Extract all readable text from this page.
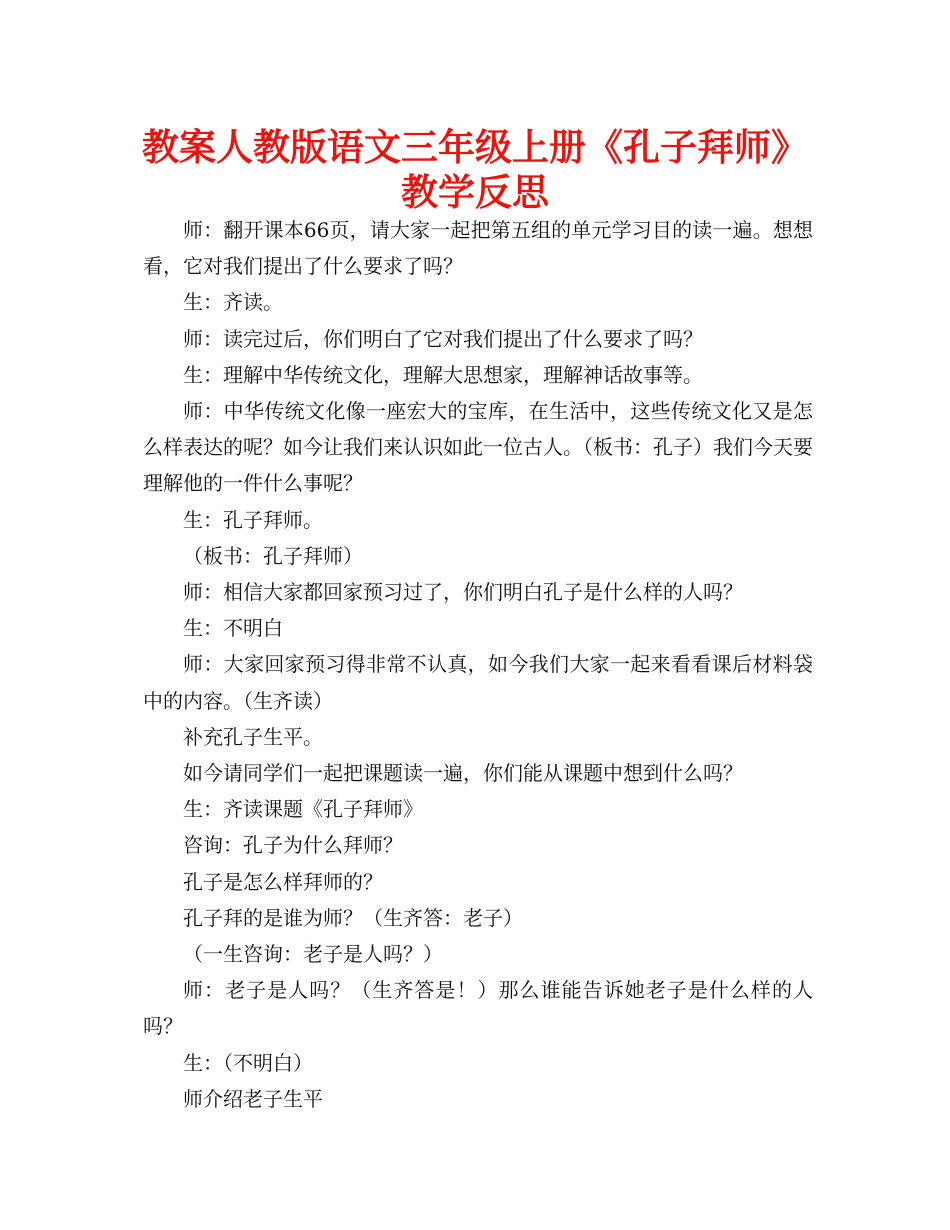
教案人教版语文三年级上册《孔子拜师》
教学反思

师：翻开课本66页，请大家一起把第五组的单元学习目的读一遍。想想看，它对我们提出了什么要求了吗？

生：齐读。

师：读完过后，你们明白了它对我们提出了什么要求了吗？

生：理解中华传统文化，理解大思想家，理解神话故事等。

师：中华传统文化像一座宏大的宝库，在生活中，这些传统文化又是怎么样表达的呢？如今让我们来认识如此一位古人。（板书：孔子）我们今天要理解他的一件什么事呢？

生：孔子拜师。

（板书：孔子拜师）

师：相信大家都回家预习过了，你们明白孔子是什么样的人吗？

生：不明白

师：大家回家预习得非常不认真，如今我们大家一起来看看课后材料袋中的内容。（生齐读）

补充孔子生平。

如今请同学们一起把课题读一遍，你们能从课题中想到什么吗？

生：齐读课题《孔子拜师》

咨询：孔子为什么拜师？

孔子是怎么样拜师的？

孔子拜的是谁为师？（生齐答：老子）

（一生咨询：老子是人吗？）

师：老子是人吗？（生齐答是！）那么谁能告诉她老子是什么样的人吗？

生：（不明白）

师介绍老子生平
